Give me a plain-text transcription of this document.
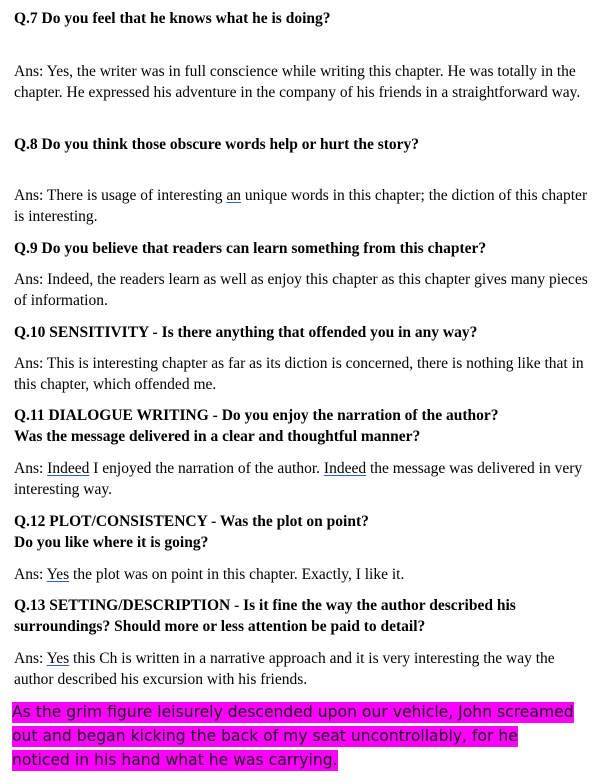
Q.7 Do you feel that he knows what he is doing?

Ans: Yes, the writer was in full conscience while writing this chapter. He was totally in the chapter. He expressed his adventure in the company of his friends in a straightforward way.

Q.8 Do you think those obscure words help or hurt the story?

Ans: There is usage of interesting an unique words in this chapter; the diction of this chapter is interesting.

Q.9 Do you believe that readers can learn something from this chapter?

Ans: Indeed, the readers learn as well as enjoy this chapter as this chapter gives many pieces of information.

Q.10 SENSITIVITY - Is there anything that offended you in any way?

Ans: This is interesting chapter as far as its diction is concerned, there is nothing like that in this chapter, which offended me.

Q.11 DIALOGUE WRITING - Do you enjoy the narration of the author?
Was the message delivered in a clear and thoughtful manner?

Ans: Indeed I enjoyed the narration of the author. Indeed the message was delivered in very interesting way.

Q.12 PLOT/CONSISTENCY - Was the plot on point?
Do you like where it is going?

Ans: Yes the plot was on point in this chapter. Exactly, I like it.

Q.13 SETTING/DESCRIPTION - Is it fine the way the author described his surroundings? Should more or less attention be paid to detail?

Ans: Yes this Ch is written in a narrative approach and it is very interesting the way the author described his excursion with his friends.

As the grim figure leisurely descended upon our vehicle, John screamed
out and began kicking the back of my seat uncontrollably, for he
noticed in his hand what he was carrying.
